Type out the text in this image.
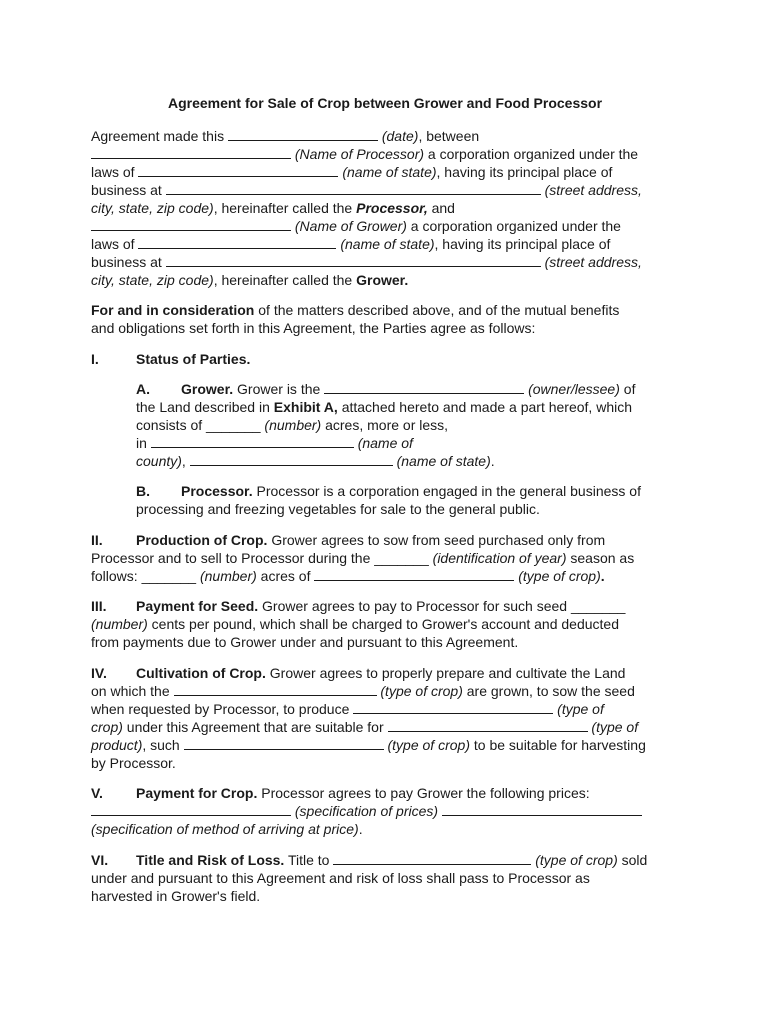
Agreement for Sale of Crop between Grower and Food Processor
Agreement made this	(date), between
(Name of Processor) a corporation organized under the
laws of	(name of state), having its principal place of
business at	(street address,
city, state, zip code), hereinafter called the Processor, and
(Name of Grower) a corporation organized under the
laws of	(name of state), having its principal place of
business at	(street address,
city, state, zip code), hereinafter called the Grower.
For and in consideration of the matters described above, and of the mutual benefits
and obligations set forth in this Agreement, the Parties agree as follows:
I.	Status of Parties.
A. Grower. Grower is the	(owner/lessee) of
the Land described in Exhibit A, attached hereto and made a part hereof, which
consists of _______ (number) acres, more or less,
in	(name of
county),	(name of state).
B. Processor. Processor is a corporation engaged in the general business of
processing and freezing vegetables for sale to the general public.
II. Production of Crop. Grower agrees to sow from seed purchased only from
Processor and to sell to Processor during the _______ (identification of year) season as
follows: _______ (number) acres of	(type of crop).
III. Payment for Seed. Grower agrees to pay to Processor for such seed _______
(number) cents per pound, which shall be charged to Grower's account and deducted
from payments due to Grower under and pursuant to this Agreement.
IV. Cultivation of Crop. Grower agrees to properly prepare and cultivate the Land
on which the	(type of crop) are grown, to sow the seed
when requested by Processor, to produce	(type of
crop) under this Agreement that are suitable for	(type of
product), such	(type of crop) to be suitable for harvesting
by Processor.
V. Payment for Crop. Processor agrees to pay Grower the following prices:
(specification of prices)
(specification of method of arriving at price).
VI. Title and Risk of Loss. Title to	(type of crop) sold
under and pursuant to this Agreement and risk of loss shall pass to Processor as
harvested in Grower's field.
